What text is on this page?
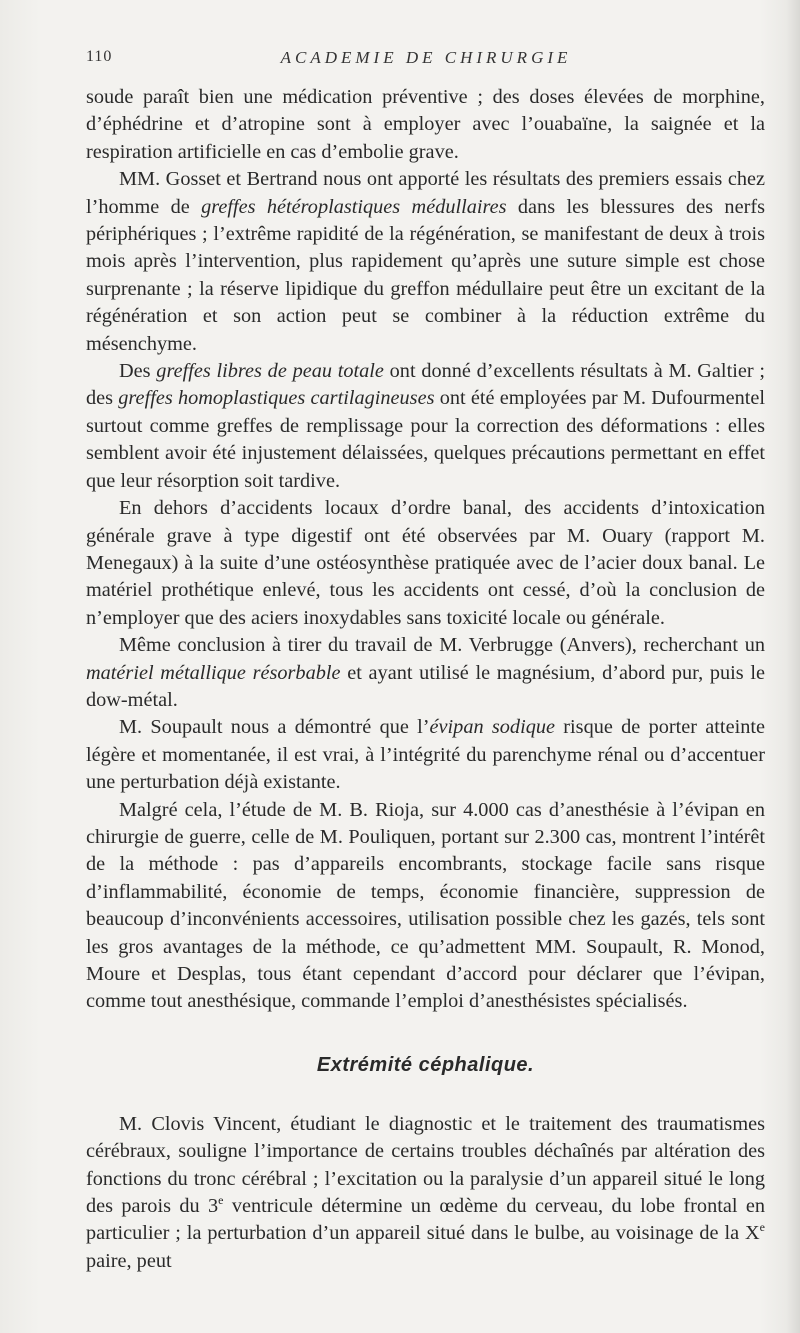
110	ACADEMIE DE CHIRURGIE

soude paraît bien une médication préventive ; des doses élevées de morphine, d’éphédrine et d’atropine sont à employer avec l’ouabaïne, la saignée et la respiration artificielle en cas d’embolie grave.

MM. Gosset et Bertrand nous ont apporté les résultats des premiers essais chez l’homme de greffes hétéroplastiques médullaires dans les blessures des nerfs périphériques ; l’extrême rapidité de la régénération, se manifestant de deux à trois mois après l’intervention, plus rapidement qu’après une suture simple est chose surprenante ; la réserve lipidique du greffon médullaire peut être un excitant de la régénération et son action peut se combiner à la réduction extrême du mésenchyme.

Des greffes libres de peau totale ont donné d’excellents résultats à M. Galtier ; des greffes homoplastiques cartilagineuses ont été employées par M. Dufourmentel surtout comme greffes de remplissage pour la correction des déformations : elles semblent avoir été injustement délaissées, quelques précautions permettant en effet que leur résorption soit tardive.

En dehors d’accidents locaux d’ordre banal, des accidents d’intoxication générale grave à type digestif ont été observées par M. Ouary (rapport M. Menegaux) à la suite d’une ostéosynthèse pratiquée avec de l’acier doux banal. Le matériel prothétique enlevé, tous les accidents ont cessé, d’où la conclusion de n’employer que des aciers inoxydables sans toxicité locale ou générale.

Même conclusion à tirer du travail de M. Verbrugge (Anvers), recherchant un matériel métallique résorbable et ayant utilisé le magnésium, d’abord pur, puis le dow-métal.

M. Soupault nous a démontré que l’évipan sodique risque de porter atteinte légère et momentanée, il est vrai, à l’intégrité du parenchyme rénal ou d’accentuer une perturbation déjà existante.

Malgré cela, l’étude de M. B. Rioja, sur 4.000 cas d’anesthésie à l’évipan en chirurgie de guerre, celle de M. Pouliquen, portant sur 2.300 cas, montrent l’intérêt de la méthode : pas d’appareils encombrants, stockage facile sans risque d’inflammabilité, économie de temps, économie financière, suppression de beaucoup d’inconvénients accessoires, utilisation possible chez les gazés, tels sont les gros avantages de la méthode, ce qu’admettent MM. Soupault, R. Monod, Moure et Desplas, tous étant cependant d’accord pour déclarer que l’évipan, comme tout anesthésique, commande l’emploi d’anesthésistes spécialisés.

Extrémité céphalique.

M. Clovis Vincent, étudiant le diagnostic et le traitement des traumatismes cérébraux, souligne l’importance de certains troubles déchaînés par altération des fonctions du tronc cérébral ; l’excitation ou la paralysie d’un appareil situé le long des parois du 3e ventricule détermine un œdème du cerveau, du lobe frontal en particulier ; la perturbation d’un appareil situé dans le bulbe, au voisinage de la Xe paire, peut
